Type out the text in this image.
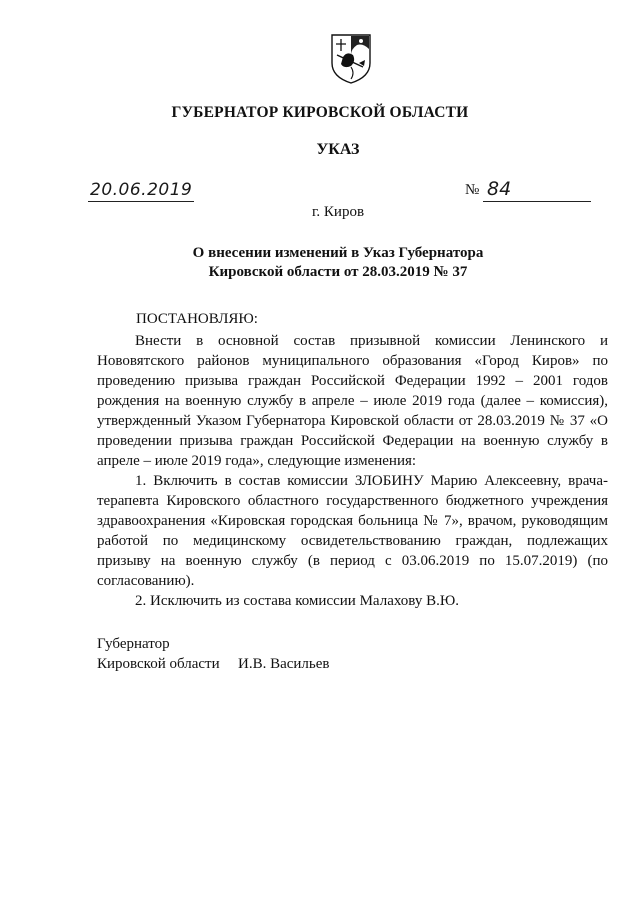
ГУБЕРНАТОР КИРОВСКОЙ ОБЛАСТИ
УКАЗ
20.06.2019	№ 84
г. Киров
О внесении изменений в Указ Губернатора
Кировской области от 28.03.2019 № 37
ПОСТАНОВЛЯЮ:

Внести в основной состав призывной комиссии Ленинского и Нововятского районов муниципального образования «Город Киров» по проведению призыва граждан Российской Федерации 1992 – 2001 годов рождения на военную службу в апреле – июле 2019 года (далее – комиссия), утвержденный Указом Губернатора Кировской области от 28.03.2019 № 37 «О проведении призыва граждан Российской Федерации на военную службу в апреле – июле 2019 года», следующие изменения:

1. Включить в состав комиссии ЗЛОБИНУ Марию Алексеевну, врача-терапевта Кировского областного государственного бюджетного учреждения здравоохранения «Кировская городская больница № 7», врачом, руководящим работой по медицинскому освидетельствованию граждан, подлежащих призыву на военную службу (в период с 03.06.2019 по 15.07.2019) (по согласованию).

2. Исключить из состава комиссии Малахову В.Ю.

Губернатор
Кировской области И.В. Васильев
